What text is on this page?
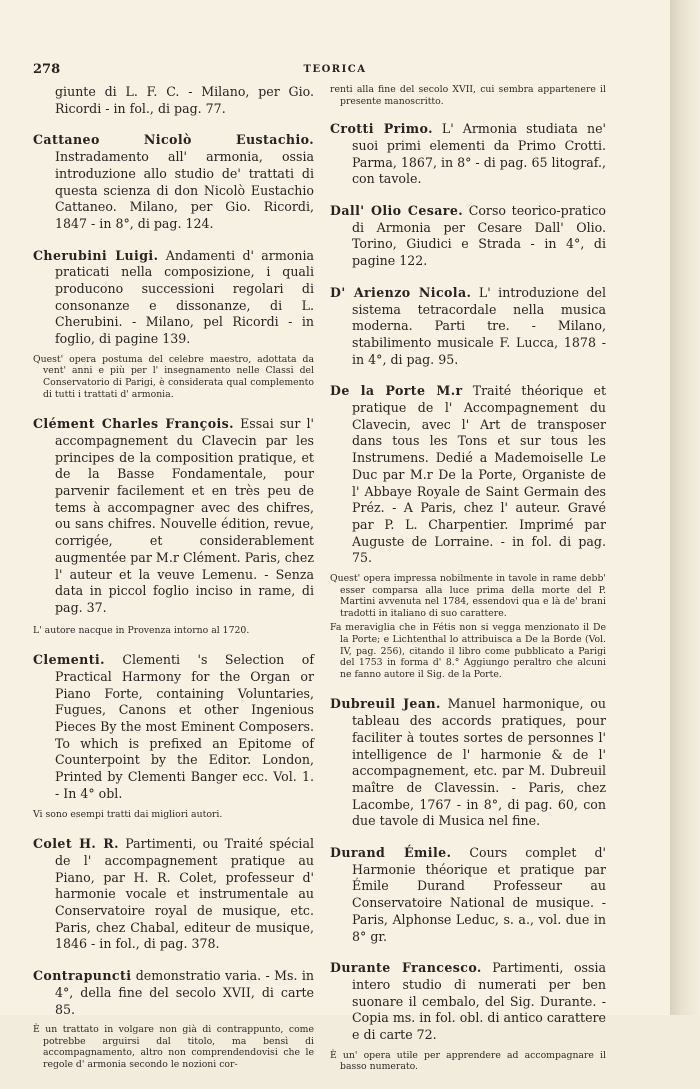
278	TEORICA
giunte di L. F. C. - Milano, per Gio. Ricordi - in fol., di pag. 77.
Cattaneo Nicolò Eustachio. Instradamento all' armonia, ossia introduzione allo studio de' trattati di questa scienza di don Nicolò Eustachio Cattaneo. Milano, per Gio. Ricordi, 1847 - in 8°, di pag. 124.
Cherubini Luigi. Andamenti d' armonia praticati nella composizione, i quali producono successioni regolari di consonanze e dissonanze, di L. Cherubini. - Milano, pel Ricordi - in foglio, di pagine 139.
Quest' opera postuma del celebre maestro, adottata da vent' anni e più per l' insegnamento nelle Classi del Conservatorio di Parigi, è considerata qual complemento di tutti i trattati d' armonia.
Clément Charles François. Essai sur l' accompagnement du Clavecin par les principes de la composition pratique, et de la Basse Fondamentale, pour parvenir facilement et en très peu de tems à accompagner avec des chifres, ou sans chifres. Nouvelle édition, revue, corrigée, et considerablement augmentée par M.r Clément. Paris, chez l' auteur et la veuve Lemenu. - Senza data in piccol foglio inciso in rame, di pag. 37.
L' autore nacque in Provenza intorno al 1720.
Clementi. Clementi 's Selection of Practical Harmony for the Organ or Piano Forte, containing Voluntaries, Fugues, Canons et other Ingenious Pieces By the most Eminent Composers. To which is prefixed an Epitome of Counterpoint by the Editor. London, Printed by Clementi Banger ecc. Vol. 1. - In 4° obl.
Vi sono esempi tratti dai migliori autori.
Colet H. R. Partimenti, ou Traité spécial de l' accompagnement pratique au Piano, par H. R. Colet, professeur d' harmonie vocale et instrumentale au Conservatoire royal de musique, etc. Paris, chez Chabal, editeur de musique, 1846 - in fol., di pag. 378.
Contrapuncti demonstratio varia. - Ms. in 4°, della fine del secolo XVII, di carte 85.
È un trattato in volgare non già di contrappunto, come potrebbe arguirsi dal titolo, ma bensì di accompagnamento, altro non comprendendovisi che le regole d' armonia secondo le nozioni cor-
renti alla fine del secolo XVII, cui sembra appartenere il presente manoscritto.
Crotti Primo. L' Armonia studiata ne' suoi primi elementi da Primo Crotti. Parma, 1867, in 8° - di pag. 65 litograf., con tavole.
Dall' Olio Cesare. Corso teorico-pratico di Armonia per Cesare Dall' Olio. Torino, Giudici e Strada - in 4°, di pagine 122.
D' Arienzo Nicola. L' introduzione del sistema tetracordale nella musica moderna. Parti tre. - Milano, stabilimento musicale F. Lucca, 1878 - in 4°, di pag. 95.
De la Porte M.r Traité théorique et pratique de l' Accompagnement du Clavecin, avec l' Art de transposer dans tous les Tons et sur tous les Instrumens. Dedié a Mademoiselle Le Duc par M.r De la Porte, Organiste de l' Abbaye Royale de Saint Germain des Préz. - A Paris, chez l' auteur. Gravé par P. L. Charpentier. Imprimé par Auguste de Lorraine. - in fol. di pag. 75.
Quest' opera impressa nobilmente in tavole in rame debb' esser comparsa alla luce prima della morte del P. Martini avvenuta nel 1784, essendovi qua e là de' brani tradotti in italiano di suo carattere.
Fa meraviglia che in Fétis non si vegga menzionato il De la Porte; e Lichtenthal lo attribuisca a De la Borde (Vol. IV, pag. 256), citando il libro come pubblicato a Parigi del 1753 in forma d' 8.° Aggiungo peraltro che alcuni ne fanno autore il Sig. de la Porte.
Dubreuil Jean. Manuel harmonique, ou tableau des accords pratiques, pour faciliter à toutes sortes de personnes l' intelligence de l' harmonie & de l' accompagnement, etc. par M. Dubreuil maître de Clavessin. - Paris, chez Lacombe, 1767 - in 8°, di pag. 60, con due tavole di Musica nel fine.
Durand Émile. Cours complet d' Harmonie théorique et pratique par Émile Durand Professeur au Conservatoire National de musique. - Paris, Alphonse Leduc, s. a., vol. due in 8° gr.
Durante Francesco. Partimenti, ossia intero studio di numerati per ben suonare il cembalo, del Sig. Durante. - Copia ms. in fol. obl. di antico carattere e di carte 72.
È un' opera utile per apprendere ad accompagnare il basso numerato.
